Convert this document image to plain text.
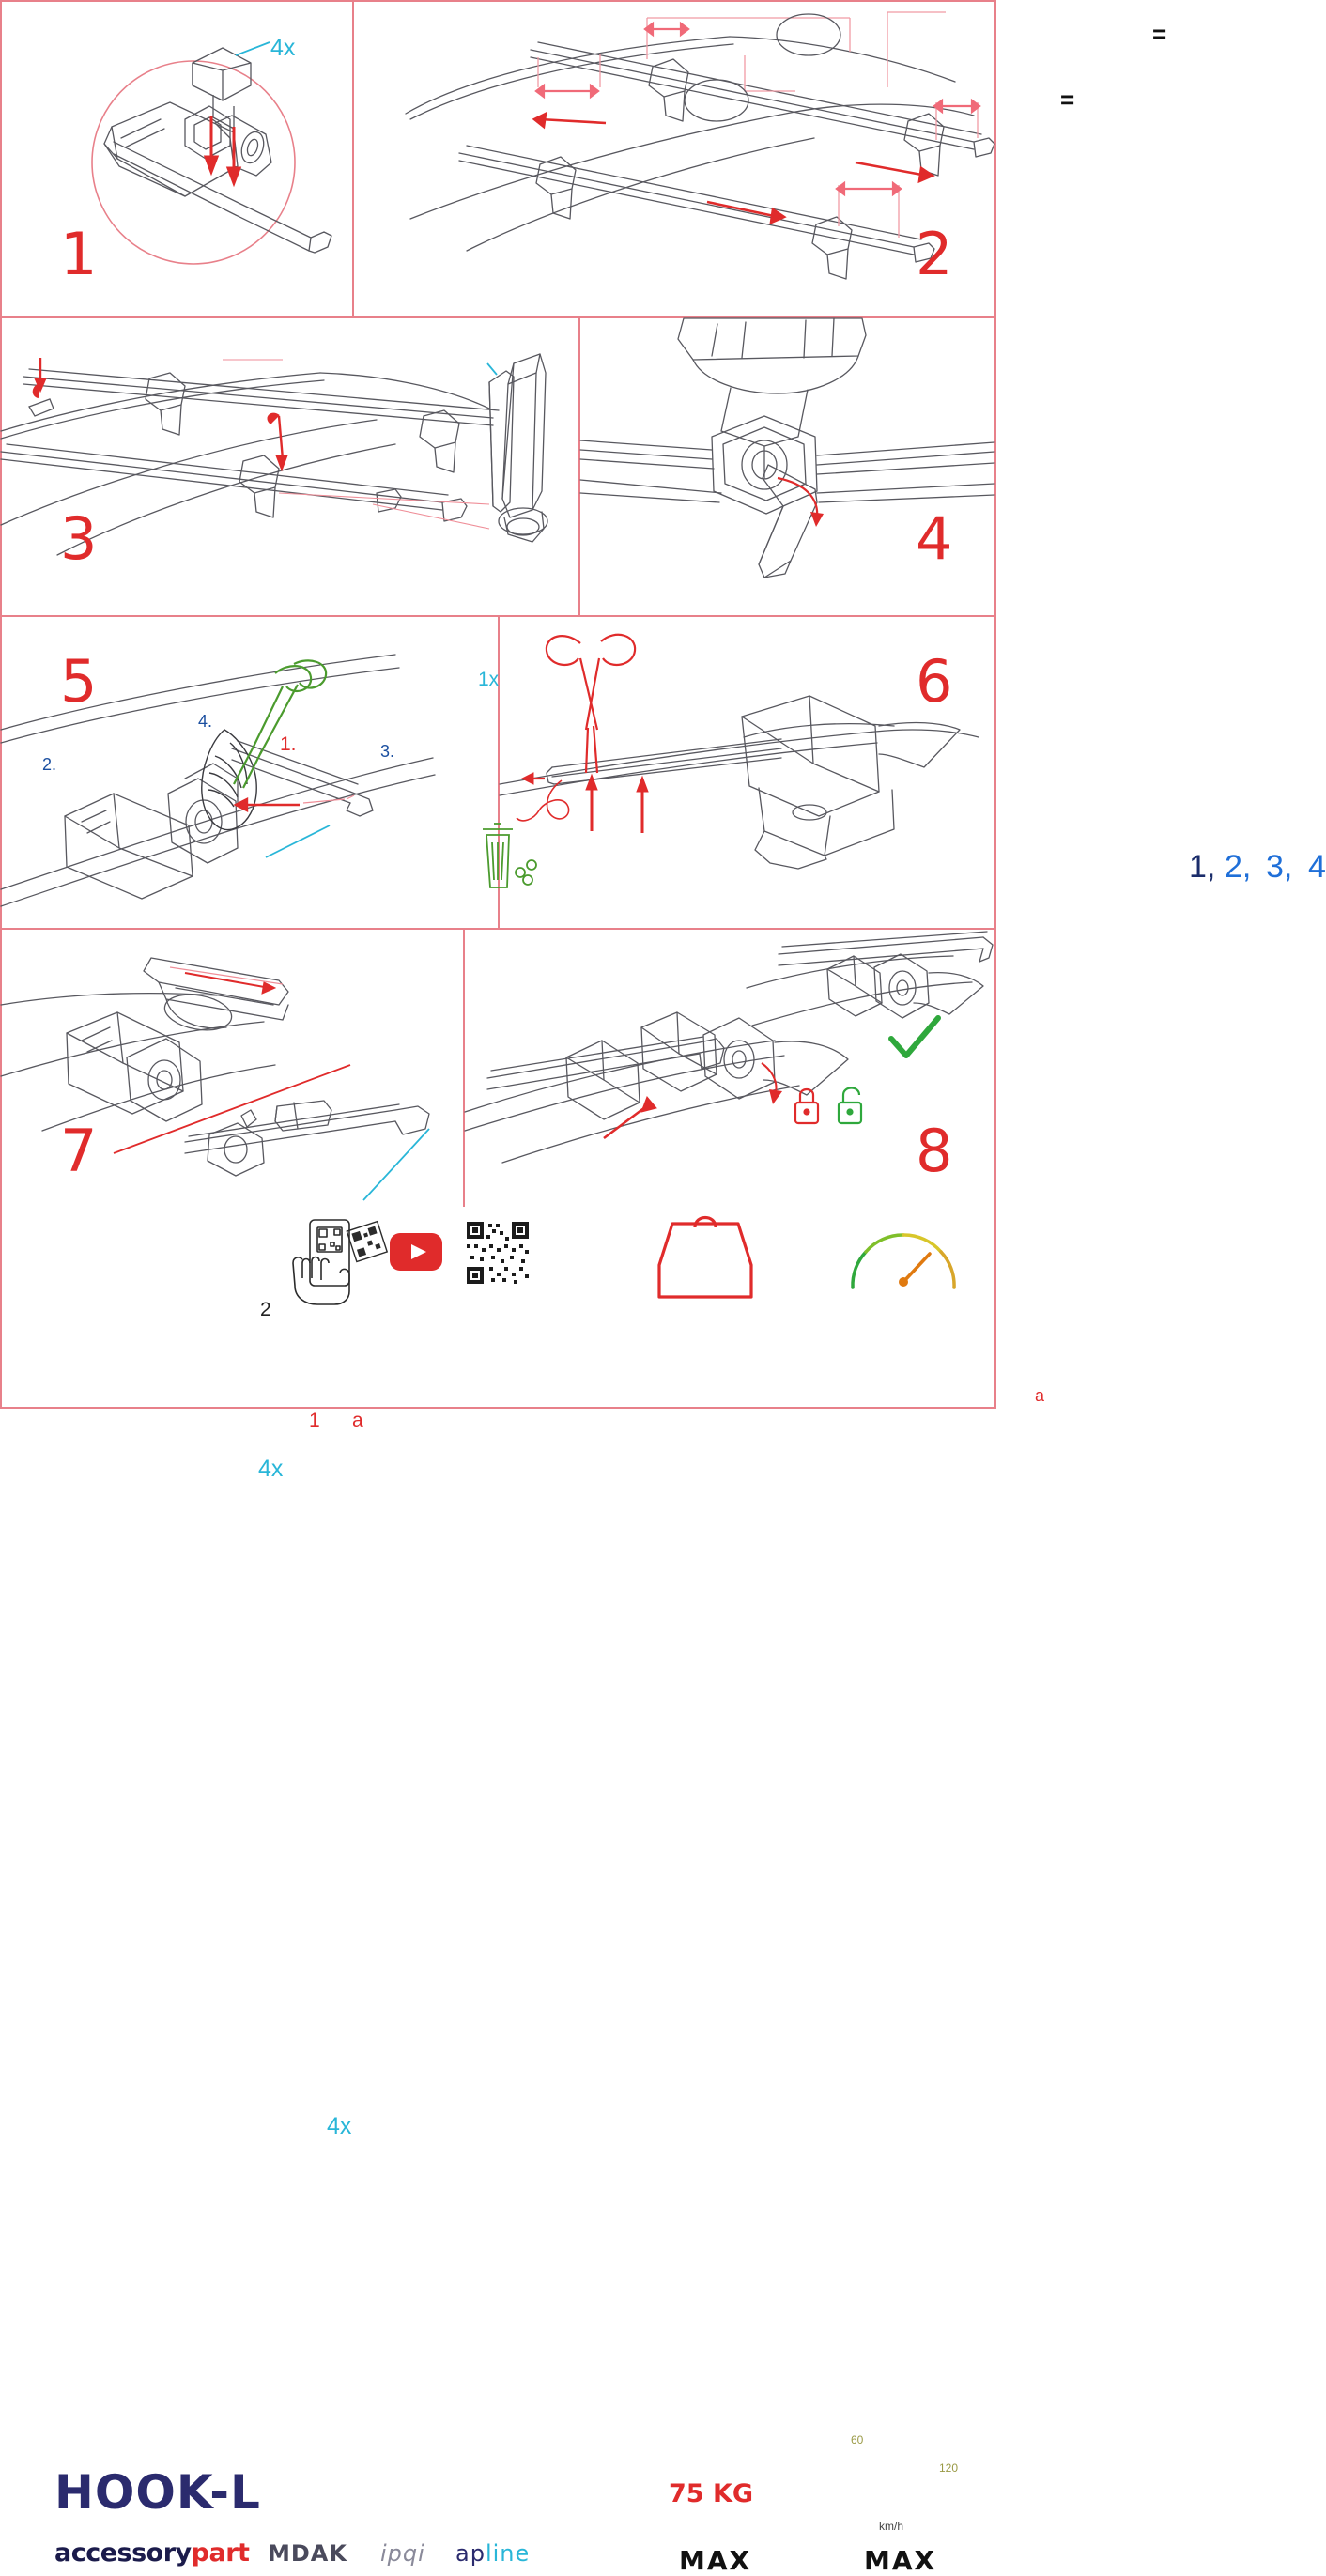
4x
1
=
=
2
1.
2.
3.
4.
1x
3
1, 2, 3, 4
4
1 a
2
4x
5
a
6
4x
7	8
HOOK-L
accessorypart MDAK ipqi apline
75 KG
MAX	MAX
km/h
60
120
